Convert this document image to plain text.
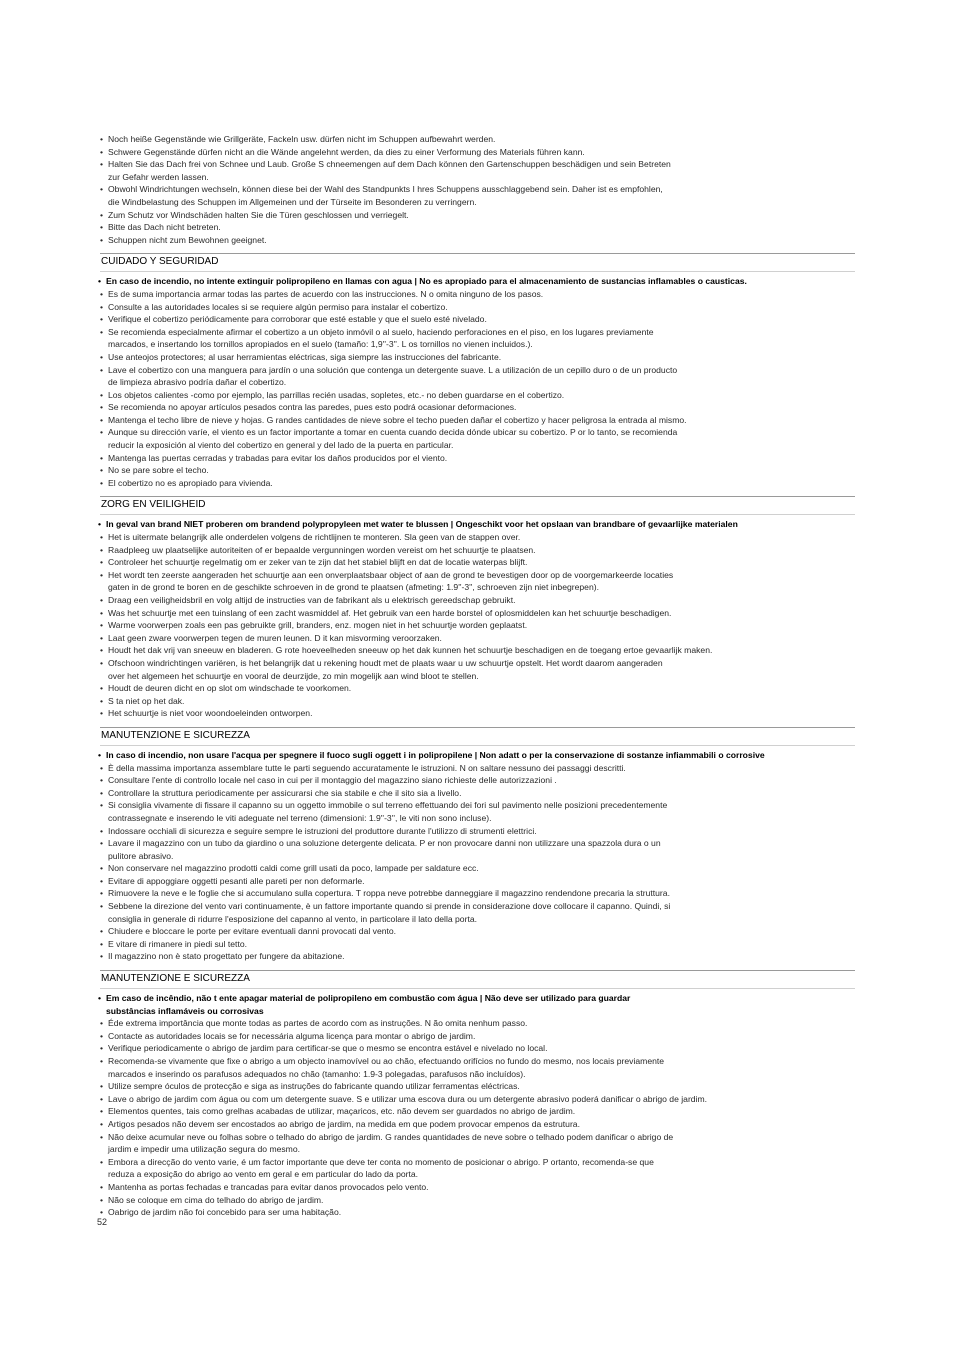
• Noch heiße Gegenstände wie Grillgeräte, Fackeln usw. dürfen nicht im Schuppen aufbewahrt werden.
• Schwere Gegenstände dürfen nicht an die Wände angelehnt werden, da dies zu einer Verformung des Materials führen kann.
• Halten Sie das Dach frei von Schnee und Laub. Große S chneemengen auf dem Dach können den Gartenschuppen beschädigen und sein Betreten
zur Gefahr werden lassen.
• Obwohl Windrichtungen wechseln, können diese bei der Wahl des Standpunkts I hres Schuppens ausschlaggebend sein. Daher ist es empfohlen,
die Windbelastung des Schuppen im Allgemeinen und der Türseite im Besonderen zu verringern.
• Zum Schutz vor Windschäden halten Sie die Türen geschlossen und verriegelt.
• Bitte das Dach nicht betreten.
• Schuppen nicht zum Bewohnen geeignet.
CUIDADO Y SEGURIDAD
• En caso de incendio, no intente extinguir polipropileno en llamas con agua | No es apropiado para el almacenamiento de sustancias inflamables o causticas.
• Es de suma importancia armar todas las partes de acuerdo con las instrucciones. N o omita ninguno de los pasos.
• Consulte a las autoridades locales si se requiere algún permiso para instalar el cobertizo.
• Verifique el cobertizo periódicamente para corroborar que esté estable y que el suelo esté nivelado.
• Se recomienda especialmente afirmar el cobertizo a un objeto inmóvil o al suelo, haciendo perforaciones en el piso, en los lugares previamente
marcados, e insertando los tornillos apropiados en el suelo (tamaño: 1,9''-3''. L os tornillos no vienen incluidos.).
• Use anteojos protectores; al usar herramientas eléctricas, siga siempre las instrucciones del fabricante.
• Lave el cobertizo con una manguera para jardín o una solución que contenga un detergente suave. L a utilización de un cepillo duro o de un producto
de limpieza abrasivo podría dañar el cobertizo.
• Los objetos calientes -como por ejemplo, las parrillas recién usadas, sopletes, etc.- no deben guardarse en el cobertizo.
• Se recomienda no apoyar artículos pesados contra las paredes, pues esto podrá ocasionar deformaciones.
• Mantenga el techo libre de nieve y hojas. G randes cantidades de nieve sobre el techo pueden dañar el cobertizo y hacer peligrosa la entrada al mismo.
• Aunque su dirección varíe, el viento es un factor importante a tomar en cuenta cuando decida dónde ubicar su cobertizo. P or lo tanto, se recomienda
reducir la exposición al viento del cobertizo en general y del lado de la puerta en particular.
• Mantenga las puertas cerradas y trabadas para evitar los daños producidos por el viento.
• No se pare sobre el techo.
• El cobertizo no es apropiado para vivienda.
ZORG EN VEILIGHEID
• In geval van brand NIET proberen om brandend polypropyleen met water te blussen | Ongeschikt voor het opslaan van brandbare of gevaarlijke materialen
• Het is uitermate belangrijk alle onderdelen volgens de richtlijnen te monteren. Sla geen van de stappen over.
• Raadpleeg uw plaatselijke autoriteiten of er bepaalde vergunningen worden vereist om het schuurtje te plaatsen.
• Controleer het schuurtje regelmatig om er zeker van te zijn dat het stabiel blijft en dat de locatie waterpas blijft.
• Het wordt ten zeerste aangeraden het schuurtje aan een onverplaatsbaar object of aan de grond te bevestigen door op de voorgemarkeerde locaties
gaten in de grond te boren en de geschikte schroeven in de grond te plaatsen (afmeting: 1.9''-3'', schroeven zijn niet inbegrepen).
• Draag een veiligheidsbril en volg altijd de instructies van de fabrikant als u elektrisch gereedschap gebruikt.
• Was het schuurtje met een tuinslang of een zacht wasmiddel af. Het gebruik van een harde borstel of oplosmiddelen kan het schuurtje beschadigen.
• Warme voorwerpen zoals een pas gebruikte grill, branders, enz. mogen niet in het schuurtje worden geplaatst.
• Laat geen zware voorwerpen tegen de muren leunen. D it kan misvorming veroorzaken.
• Houdt het dak vrij van sneeuw en bladeren. G rote hoeveelheden sneeuw op het dak kunnen het schuurtje beschadigen en de toegang ertoe gevaarlijk maken.
• Ofschoon windrichtingen variëren, is het belangrijk dat u rekening houdt met de plaats waar u uw schuurtje opstelt. Het wordt daarom aangeraden
over het algemeen het schuurtje en vooral de deurzijde, zo min mogelijk aan wind bloot te stellen.
• Houdt de deuren dicht en op slot om windschade te voorkomen.
• S ta niet op het dak.
• Het schuurtje is niet voor woondoeleinden ontworpen.
MANUTENZIONE E SICUREZZA
• In caso di incendio, non usare l'acqua per spegnere il fuoco sugli oggett i in polipropilene | Non adatt o per la conservazione di sostanze infiammabili o corrosive
• È della massima importanza assemblare tutte le parti seguendo accuratamente le istruzioni. N on saltare nessuno dei passaggi descritti.
• Consultare l'ente di controllo locale nel caso in cui per il montaggio del magazzino siano richieste delle autorizzazioni .
• Controllare la struttura periodicamente per assicurarsi che sia stabile e che il sito sia a livello.
• Si consiglia vivamente di fissare il capanno su un oggetto immobile o sul terreno effettuando dei fori sul pavimento nelle posizioni precedentemente
contrassegnate e inserendo le viti adeguate nel terreno (dimensioni: 1.9''-3'', le viti non sono incluse).
• Indossare occhiali di sicurezza e seguire sempre le istruzioni del produttore durante l'utilizzo di strumenti elettrici.
• Lavare il magazzino con un tubo da giardino o una soluzione detergente delicata. P er non provocare danni non utilizzare una spazzola dura o un
pulitore abrasivo.
• Non conservare nel magazzino prodotti caldi come grill usati da poco, lampade per saldature ecc.
• Evitare di appoggiare oggetti pesanti alle pareti per non deformarle.
• Rimuovere la neve e le foglie che si accumulano sulla copertura. T roppa neve potrebbe danneggiare il magazzino rendendone precaria la struttura.
• Sebbene la direzione del vento vari continuamente, è un fattore importante quando si prende in considerazione dove collocare il capanno. Quindi, si
consiglia in generale di ridurre l'esposizione del capanno al vento, in particolare il lato della porta.
• Chiudere e bloccare le porte per evitare eventuali danni provocati dal vento.
• E vitare di rimanere in piedi sul tetto.
• Il magazzino non è stato progettato per fungere da abitazione.
MANUTENZIONE E SICUREZZA
• Em caso de incêndio, não t ente apagar material de polipropileno em combustão com água | Não deve ser utilizado para guardar
substâncias inflamáveis ou corrosivas
• Éde extrema importância que monte todas as partes de acordo com as instruções. N ão omita nenhum passo.
• Contacte as autoridades locais se for necessária alguma licença para montar o abrigo de jardim.
• Verifique periodicamente o abrigo de jardim para certificar-se que o mesmo se encontra estável e nivelado no local.
• Recomenda-se vivamente que fixe o abrigo a um objecto inamovível ou ao chão, efectuando orifícios no fundo do mesmo, nos locais previamente
marcados e inserindo os parafusos adequados no chão (tamanho: 1.9-3 polegadas, parafusos não incluídos).
• Utilize sempre óculos de protecção e siga as instruções do fabricante quando utilizar ferramentas eléctricas.
• Lave o abrigo de jardim com água ou com um detergente suave. S e utilizar uma escova dura ou um detergente abrasivo poderá danificar o abrigo de jardim.
• Elementos quentes, tais como grelhas acabadas de utilizar, maçaricos, etc. não devem ser guardados no abrigo de jardim.
• Artigos pesados não devem ser encostados ao abrigo de jardim, na medida em que podem provocar empenos da estrutura.
• Não deixe acumular neve ou folhas sobre o telhado do abrigo de jardim. G randes quantidades de neve sobre o telhado podem danificar o abrigo de
jardim e impedir uma utilização segura do mesmo.
• Embora a direcção do vento varie, é um factor importante que deve ter conta no momento de posicionar o abrigo. P ortanto, recomenda-se que
reduza a exposição do abrigo ao vento em geral e em particular do lado da porta.
• Mantenha as portas fechadas e trancadas para evitar danos provocados pelo vento.
• Não se coloque em cima do telhado do abrigo de jardim.
• Oabrigo de jardim não foi concebido para ser uma habitação.
52
